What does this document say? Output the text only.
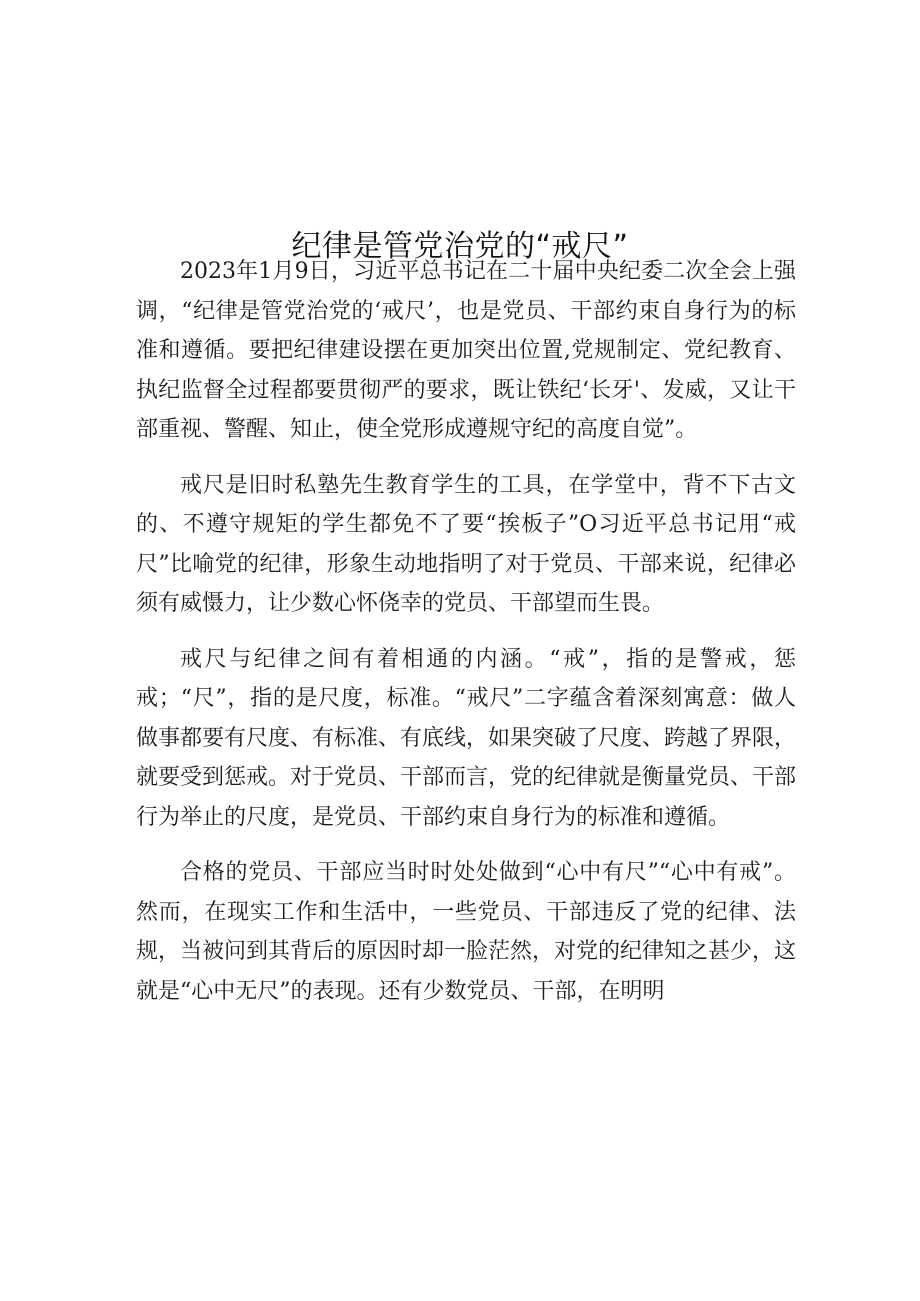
纪律是管党治党的“戒尺”

2023年1月9日，习近平总书记在二十届中央纪委二次全会上强调，“纪律是管党治党的‘戒尺’，也是党员、干部约束自身行为的标准和遵循。要把纪律建设摆在更加突出位置,党规制定、党纪教育、执纪监督全过程都要贯彻严的要求，既让铁纪‘长牙'、发威，又让干部重视、警醒、知止，使全党形成遵规守纪的高度自觉”。

戒尺是旧时私塾先生教育学生的工具，在学堂中，背不下古文的、不遵守规矩的学生都免不了要“挨板子”O习近平总书记用“戒尺”比喻党的纪律，形象生动地指明了对于党员、干部来说，纪律必须有威慑力，让少数心怀侥幸的党员、干部望而生畏。

戒尺与纪律之间有着相通的内涵。“戒”，指的是警戒，惩戒；“尺”，指的是尺度，标准。“戒尺”二字蕴含着深刻寓意：做人做事都要有尺度、有标准、有底线，如果突破了尺度、跨越了界限，就要受到惩戒。对于党员、干部而言，党的纪律就是衡量党员、干部行为举止的尺度，是党员、干部约束自身行为的标准和遵循。

合格的党员、干部应当时时处处做到“心中有尺”“心中有戒”。然而，在现实工作和生活中，一些党员、干部违反了党的纪律、法规，当被问到其背后的原因时却一脸茫然，对党的纪律知之甚少，这就是“心中无尺”的表现。还有少数党员、干部，在明明
